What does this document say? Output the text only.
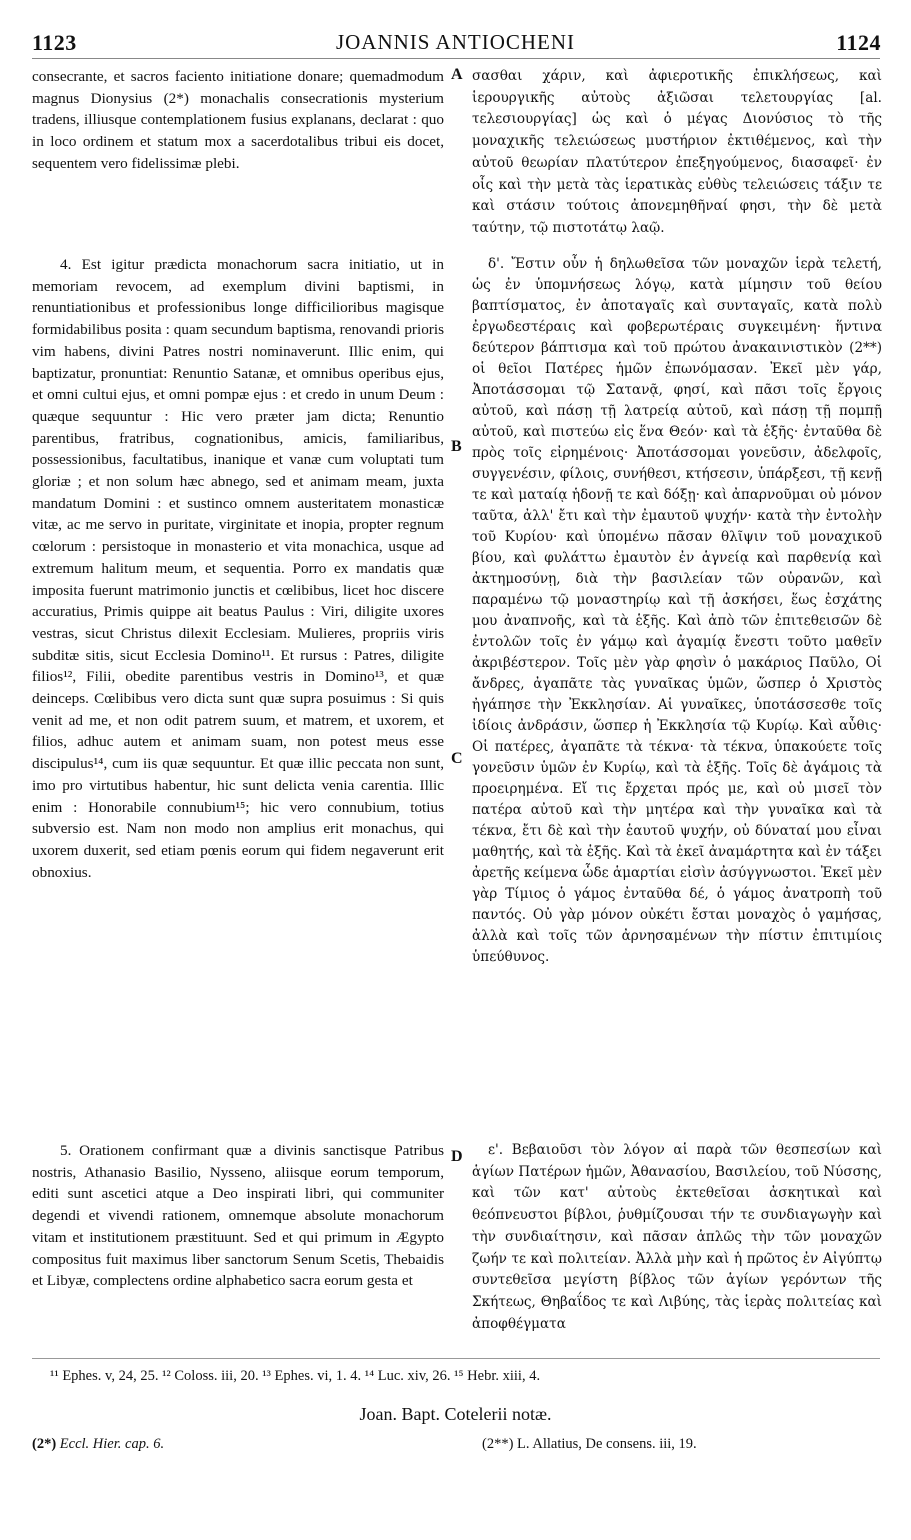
1123	JOANNIS ANTIOCHENI	1124
A
B
C
D

consecrante, et sacros faciento initiatione donare; quemadmodum magnus Dionysius (2*) monachalis consecrationis mysterium tradens, illiusque contemplationem fusius explanans, declarat : quo in loco ordinem et statum mox a sacerdotalibus tribui eis docet, sequentem vero fidelissimæ plebi.

4. Est igitur prædicta monachorum sacra initiatio, ut in memoriam revocem, ad exemplum divini baptismi, in renuntiationibus et professionibus longe difficilioribus magisque formidabilibus posita : quam secundum baptisma, renovandi prioris vim habens, divini Patres nostri nominaverunt. Illic enim, qui baptizatur, pronuntiat: Renuntio Satanæ, et omnibus operibus ejus, et omni cultui ejus, et omni pompæ ejus : et credo in unum Deum : quæque sequuntur : Hic vero præter jam dicta; Renuntio parentibus, fratribus, cognationibus, amicis, familiaribus, possessionibus, facultatibus, inanique et vanæ cum voluptati tum gloriæ ; et non solum hæc abnego, sed et animam meam, juxta mandatum Domini : et sustinco omnem austeritatem monasticæ vitæ, ac me servo in puritate, virginitate et inopia, propter regnum cœlorum : persistoque in monasterio et vita monachica, usque ad extremum halitum meum, et sequentia. Porro ex mandatis quæ imposita fuerunt matrimonio junctis et cœlibibus, licet hoc discere accuratius, Primis quippe ait beatus Paulus : Viri, diligite uxores vestras, sicut Christus dilexit Ecclesiam. Mulieres, propriis viris subditæ sitis, sicut Ecclesia Domino¹¹. Et rursus : Patres, diligite filios¹², Filii, obedite parentibus vestris in Domino¹³, et quæ deinceps. Cœlibibus vero dicta sunt quæ supra posuimus : Si quis venit ad me, et non odit patrem suum, et matrem, et uxorem, et filios, adhuc autem et animam suam, non potest meus esse discipulus¹⁴, cum iis quæ sequuntur. Et quæ illic peccata non sunt, imo pro virtutibus habentur, hic sunt delicta venia carentia. Illic enim : Honorabile connubium¹⁵; hic vero connubium, totius subversio est. Nam non modo non amplius erit monachus, qui uxorem duxerit, sed etiam pœnis eorum qui fidem negaverunt erit obnoxius.

5. Orationem confirmant quæ a divinis sanctisque Patribus nostris, Athanasio Basilio, Nysseno, aliisque eorum temporum, editi sunt ascetici atque a Deo inspirati libri, qui communiter degendi et vivendi rationem, omnemque absolute monachorum vitam et institutionem præstituunt. Sed et qui primum in Ægypto compositus fuit maximus liber sanctorum Senum Scetis, Thebaidis et Libyæ, complectens ordine alphabetico sacra eorum gesta et

σασθαι χάριν, καὶ ἀφιεροτικῆς ἐπικλήσεως, καὶ ἱερουργικῆς αὐτοὺς ἀξιῶσαι τελετουργίας [al. τελεσιουργίας] ὡς καὶ ὁ μέγας Διονύσιος τὸ τῆς μοναχικῆς τελειώσεως μυστήριον ἐκτιθέμενος, καὶ τὴν αὐτοῦ θεωρίαν πλατύτερον ἐπεξηγούμενος, διασαφεῖ· ἐν οἷς καὶ τὴν μετὰ τὰς ἱερατικὰς εὐθὺς τελειώσεις τάξιν τε καὶ στάσιν τούτοις ἀπονεμηθῆναί φησι, τὴν δὲ μετὰ ταύτην, τῷ πιστοτάτῳ λαῷ.

δ'. Ἔστιν οὖν ἡ δηλωθεῖσα τῶν μοναχῶν ἱερὰ τελετή, ὡς ἐν ὑπομνήσεως λόγῳ, κατὰ μίμησιν τοῦ θείου βαπτίσματος, ἐν ἀποταγαῖς καὶ συνταγαῖς, κατὰ πολὺ ἐργωδεστέραις καὶ φοβερωτέραις συγκειμένη· ἥντινα δεύτερον βάπτισμα καὶ τοῦ πρώτου ἀνακαινιστικὸν (2**) οἱ θεῖοι Πατέρες ἡμῶν ἐπωνόμασαν. Ἐκεῖ μὲν γάρ, Ἀποτάσσομαι τῷ Σατανᾷ, φησί, καὶ πᾶσι τοῖς ἔργοις αὐτοῦ, καὶ πάσῃ τῇ λατρείᾳ αὐτοῦ, καὶ πάσῃ τῇ πομπῇ αὐτοῦ, καὶ πιστεύω εἰς ἕνα Θεόν· καὶ τὰ ἑξῆς· ἐνταῦθα δὲ πρὸς τοῖς εἰρημένοις· Ἀποτάσσομαι γονεῦσιν, ἀδελφοῖς, συγγενέσιν, φίλοις, συνήθεσι, κτήσεσιν, ὑπάρξεσι, τῇ κενῇ τε καὶ ματαίᾳ ἡδονῇ τε καὶ δόξῃ· καὶ ἀπαρνοῦμαι οὐ μόνον ταῦτα, ἀλλ' ἔτι καὶ τὴν ἐμαυτοῦ ψυχήν· κατὰ τὴν ἐντολὴν τοῦ Κυρίου· καὶ ὑπομένω πᾶσαν θλῖψιν τοῦ μοναχικοῦ βίου, καὶ φυλάττω ἐμαυτὸν ἐν ἁγνείᾳ καὶ παρθενίᾳ καὶ ἀκτημοσύνῃ, διὰ τὴν βασιλείαν τῶν οὐρανῶν, καὶ παραμένω τῷ μοναστηρίῳ καὶ τῇ ἀσκήσει, ἕως ἐσχάτης μου ἀναπνοῆς, καὶ τὰ ἑξῆς. Καὶ ἀπὸ τῶν ἐπιτεθεισῶν δὲ ἐντολῶν τοῖς ἐν γάμῳ καὶ ἀγαμίᾳ ἔνεστι τοῦτο μαθεῖν ἀκριβέστερον. Τοῖς μὲν γὰρ φησὶν ὁ μακάριος Παῦλο, Οἱ ἄνδρες, ἀγαπᾶτε τὰς γυναῖκας ὑμῶν, ὥσπερ ὁ Χριστὸς ἠγάπησε τὴν Ἐκκλησίαν. Αἱ γυναῖκες, ὑποτάσσεσθε τοῖς ἰδίοις ἀνδράσιν, ὥσπερ ἡ Ἐκκλησία τῷ Κυρίῳ. Καὶ αὖθις· Οἱ πατέρες, ἀγαπᾶτε τὰ τέκνα· τὰ τέκνα, ὑπακούετε τοῖς γονεῦσιν ὑμῶν ἐν Κυρίῳ, καὶ τὰ ἑξῆς. Τοῖς δὲ ἀγάμοις τὰ προειρημένα. Εἴ τις ἔρχεται πρός με, καὶ οὐ μισεῖ τὸν πατέρα αὐτοῦ καὶ τὴν μητέρα καὶ τὴν γυναῖκα καὶ τὰ τέκνα, ἔτι δὲ καὶ τὴν ἑαυτοῦ ψυχήν, οὐ δύναταί μου εἶναι μαθητής, καὶ τὰ ἑξῆς. Καὶ τὰ ἐκεῖ ἀναμάρτητα καὶ ἐν τάξει ἀρετῆς κείμενα ὧδε ἁμαρτίαι εἰσὶν ἀσύγγνωστοι. Ἐκεῖ μὲν γὰρ Τίμιος ὁ γάμος ἐνταῦθα δέ, ὁ γάμος ἀνατροπὴ τοῦ παντός. Οὐ γὰρ μόνον οὐκέτι ἔσται μοναχὸς ὁ γαμήσας, ἀλλὰ καὶ τοῖς τῶν ἀρνησαμένων τὴν πίστιν ἐπιτιμίοις ὑπεύθυνος.

ε'. Βεβαιοῦσι τὸν λόγον αἱ παρὰ τῶν θεσπεσίων καὶ ἁγίων Πατέρων ἡμῶν, Ἀθανασίου, Βασιλείου, τοῦ Νύσσης, καὶ τῶν κατ' αὐτοὺς ἐκτεθεῖσαι ἀσκητικαὶ καὶ θεόπνευστοι βίβλοι, ῥυθμίζουσαι τήν τε συνδιαγωγὴν καὶ τὴν συνδιαίτησιν, καὶ πᾶσαν ἁπλῶς τὴν τῶν μοναχῶν ζωήν τε καὶ πολιτείαν. Ἀλλὰ μὴν καὶ ἡ πρῶτος ἐν Αἰγύπτῳ συντεθεῖσα μεγίστη βίβλος τῶν ἁγίων γερόντων τῆς Σκήτεως, Θηβαΐδος τε καὶ Λιβύης, τὰς ἱερὰς πολιτείας καὶ ἀποφθέγματα

¹¹ Ephes. v, 24, 25. ¹² Coloss. iii, 20. ¹³ Ephes. vi, 1. 4. ¹⁴ Luc. xiv, 26. ¹⁵ Hebr. xiii, 4.
Joan. Bapt. Cotelerii notæ.
(2*) Eccl. Hier. cap. 6.	(2**) L. Allatius, De consens. iii, 19.
